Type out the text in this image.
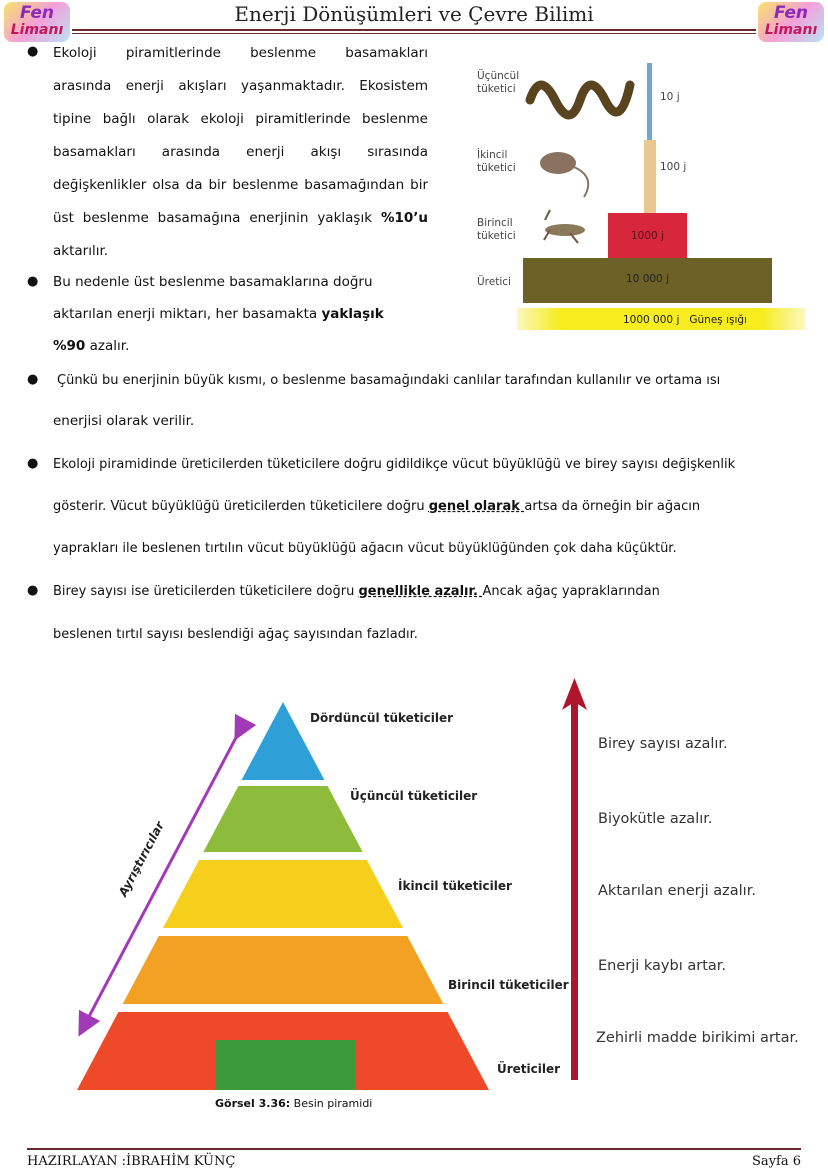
Fen
Limanı
Fen
Limanı
Enerji Dönüşümleri ve Çevre Bilimi
● Ekoloji piramitlerinde beslenme basamakları
arasında enerji akışları yaşanmaktadır. Ekosistem
tipine bağlı olarak ekoloji piramitlerinde beslenme
basamakları arasında enerji akışı sırasında
değişkenlikler olsa da bir beslenme basamağından bir
üst beslenme basamağına enerjinin yaklaşık %10’u
aktarılır.
● Bu nedenle üst beslenme basamaklarına doğru
aktarılan enerji miktarı, her basamakta yaklaşık
%90 azalır.
● Çünkü bu enerjinin büyük kısmı, o beslenme basamağındaki canlılar tarafından kullanılır ve ortama ısı
enerjisi olarak verilir.
● Ekoloji piramidinde üreticilerden tüketicilere doğru gidildikçe vücut büyüklüğü ve birey sayısı değişkenlik
gösterir. Vücut büyüklüğü üreticilerden tüketicilere doğru genel olarak artsa da örneğin bir ağacın
yaprakları ile beslenen tırtılın vücut büyüklüğü ağacın vücut büyüklüğünden çok daha küçüktür.
● Birey sayısı ise üreticilerden tüketicilere doğru genellikle azalır. Ancak ağaç yapraklarından
beslenen tırtıl sayısı beslendiği ağaç sayısından fazladır.
Üçüncül tüketici
İkincil tüketici
Birincil tüketici
Üretici
10 j
100 j
1000 j
10 000 j
1000 000 j Güneş ışığı
Ayrıştırıcılar
Dördüncül tüketiciler
Üçüncül tüketiciler
İkincil tüketiciler
Birincil tüketiciler
Üreticiler
Görsel 3.36: Besin piramidi
Birey sayısı azalır.
Biyokütle azalır.
Aktarılan enerji azalır.
Enerji kaybı artar.
Zehirli madde birikimi artar.
HAZIRLAYAN :İBRAHİM KÜNÇ	Sayfa 6
